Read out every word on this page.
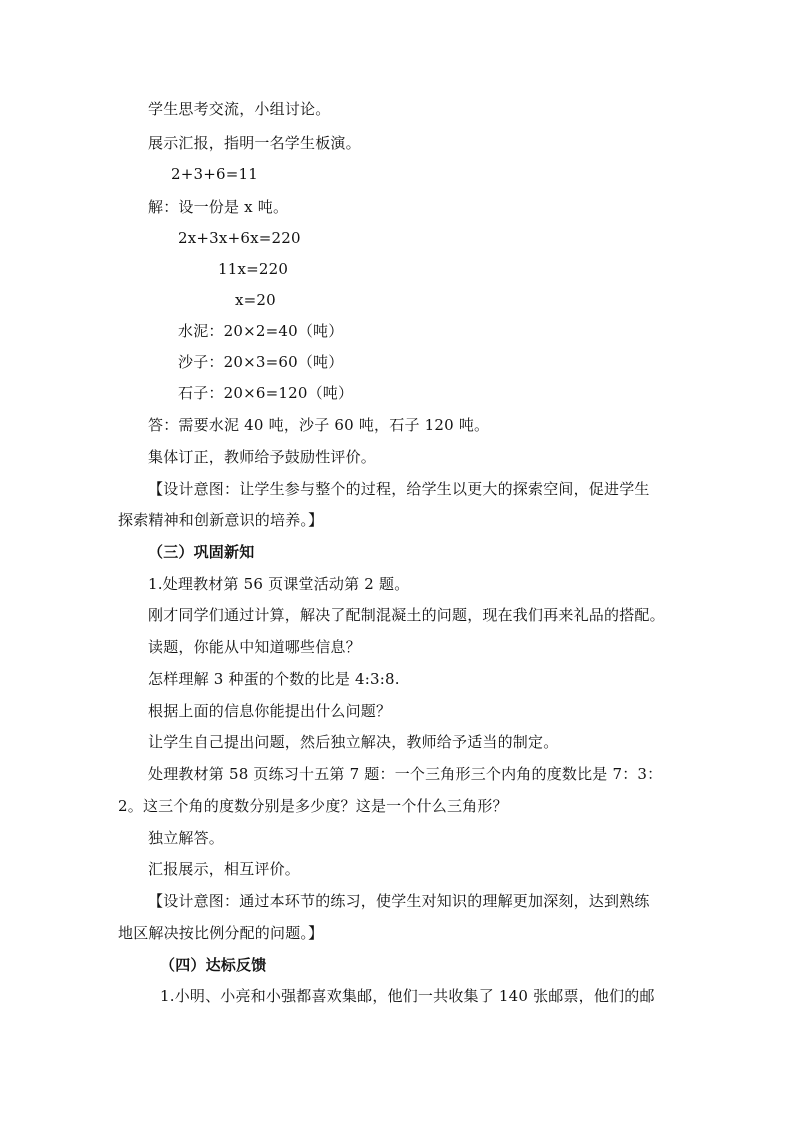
学生思考交流，小组讨论。
展示汇报，指明一名学生板演。
2+3+6=11
解：设一份是 x 吨。
2x+3x+6x=220
11x=220
x=20
水泥：20×2=40（吨）
沙子：20×3=60（吨）
石子：20×6=120（吨）
答：需要水泥 40 吨，沙子 60 吨，石子 120 吨。
集体订正，教师给予鼓励性评价。
【设计意图：让学生参与整个的过程，给学生以更大的探索空间，促进学生
探索精神和创新意识的培养。】
（三）巩固新知
1.处理教材第 56 页课堂活动第 2 题。
刚才同学们通过计算，解决了配制混凝土的问题，现在我们再来礼品的搭配。
读题，你能从中知道哪些信息？
怎样理解 3 种蛋的个数的比是 4:3:8.
根据上面的信息你能提出什么问题？
让学生自己提出问题，然后独立解决，教师给予适当的制定。
处理教材第 58 页练习十五第 7 题：一个三角形三个内角的度数比是 7：3：
2。这三个角的度数分别是多少度？这是一个什么三角形？
独立解答。
汇报展示，相互评价。
【设计意图：通过本环节的练习，使学生对知识的理解更加深刻，达到熟练
地区解决按比例分配的问题。】
（四）达标反馈
1.小明、小亮和小强都喜欢集邮，他们一共收集了 140 张邮票，他们的邮
